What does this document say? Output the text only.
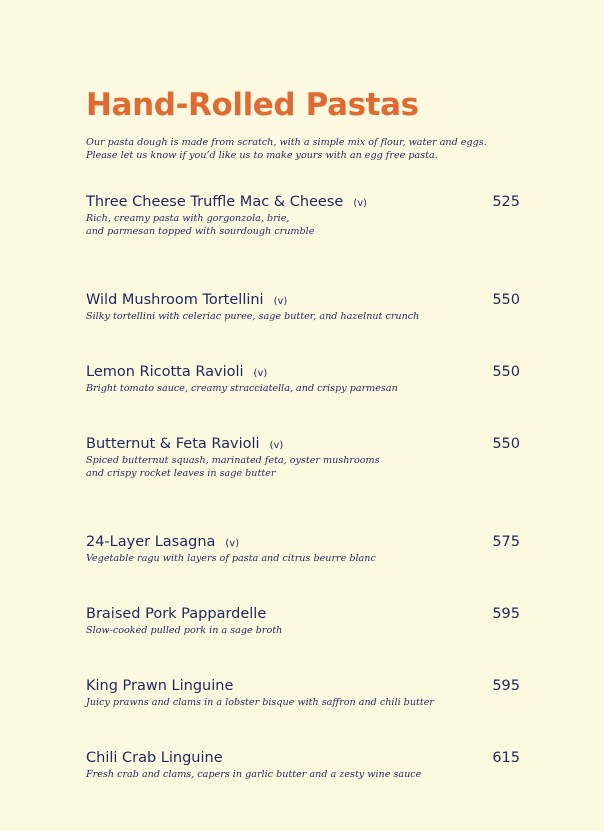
Hand-Rolled Pastas
Our pasta dough is made from scratch, with a simple mix of flour, water and eggs.
Please let us know if you’d like us to make yours with an egg free pasta.
Three Cheese Truffle Mac & Cheese (v)	525
Rich, creamy pasta with gorgonzola, brie,
and parmesan topped with sourdough crumble
Wild Mushroom Tortellini (v)	550
Silky tortellini with celeriac puree, sage butter, and hazelnut crunch
Lemon Ricotta Ravioli (v)	550
Bright tomato sauce, creamy stracciatella, and crispy parmesan
Butternut & Feta Ravioli (v)	550
Spiced butternut squash, marinated feta, oyster mushrooms
and crispy rocket leaves in sage butter
24-Layer Lasagna (v)	575
Vegetable ragu with layers of pasta and citrus beurre blanc
Braised Pork Pappardelle	595
Slow-cooked pulled pork in a sage broth
King Prawn Linguine	595
Juicy prawns and clams in a lobster bisque with saffron and chili butter
Chili Crab Linguine	615
Fresh crab and clams, capers in garlic butter and a zesty wine sauce
